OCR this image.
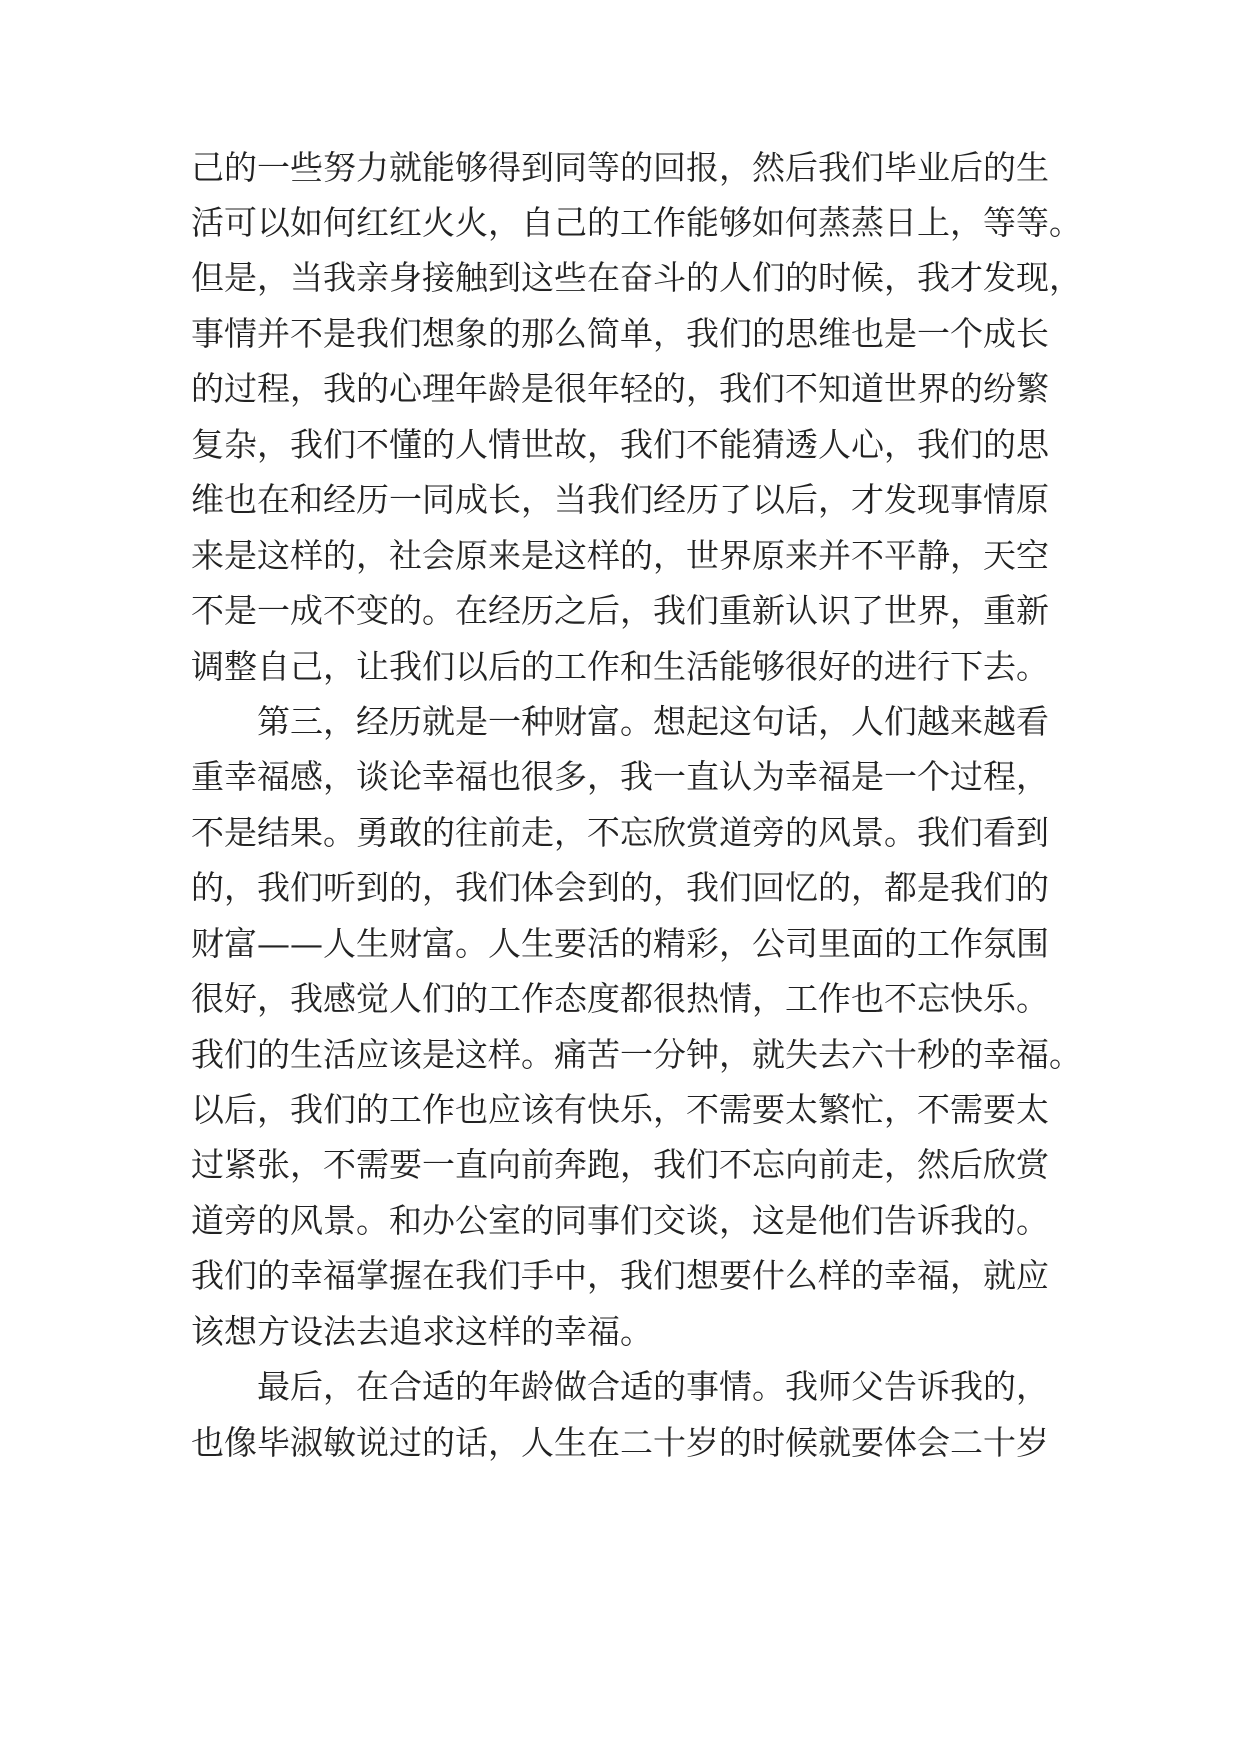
己的一些努力就能够得到同等的回报，然后我们毕业后的生

活可以如何红红火火，自己的工作能够如何蒸蒸日上，等等。

但是，当我亲身接触到这些在奋斗的人们的时候，我才发现，

事情并不是我们想象的那么简单，我们的思维也是一个成长

的过程，我的心理年龄是很年轻的，我们不知道世界的纷繁

复杂，我们不懂的人情世故，我们不能猜透人心，我们的思

维也在和经历一同成长，当我们经历了以后，才发现事情原

来是这样的，社会原来是这样的，世界原来并不平静，天空

不是一成不变的。在经历之后，我们重新认识了世界，重新

调整自己，让我们以后的工作和生活能够很好的进行下去。

第三，经历就是一种财富。想起这句话，人们越来越看

重幸福感，谈论幸福也很多，我一直认为幸福是一个过程，

不是结果。勇敢的往前走，不忘欣赏道旁的风景。我们看到

的，我们听到的，我们体会到的，我们回忆的，都是我们的

财富——人生财富。人生要活的精彩，公司里面的工作氛围

很好，我感觉人们的工作态度都很热情，工作也不忘快乐。

我们的生活应该是这样。痛苦一分钟，就失去六十秒的幸福。

以后，我们的工作也应该有快乐，不需要太繁忙，不需要太

过紧张，不需要一直向前奔跑，我们不忘向前走，然后欣赏

道旁的风景。和办公室的同事们交谈，这是他们告诉我的。

我们的幸福掌握在我们手中，我们想要什么样的幸福，就应

该想方设法去追求这样的幸福。

最后，在合适的年龄做合适的事情。我师父告诉我的，

也像毕淑敏说过的话，人生在二十岁的时候就要体会二十岁
